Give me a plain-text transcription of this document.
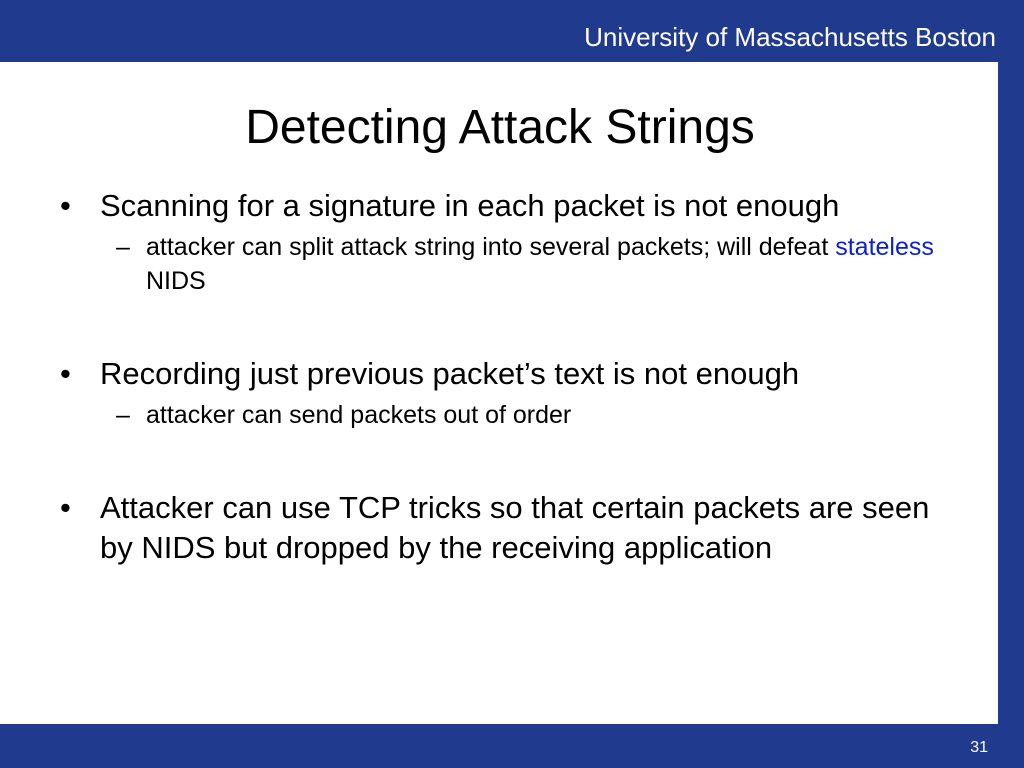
University of Massachusetts Boston
Detecting Attack Strings
• Scanning for a signature in each packet is not enough
– attacker can split attack string into several packets; will defeat stateless NIDS
• Recording just previous packet’s text is not enough
– attacker can send packets out of order
• Attacker can use TCP tricks so that certain packets are seen by NIDS but dropped by the receiving application
31
